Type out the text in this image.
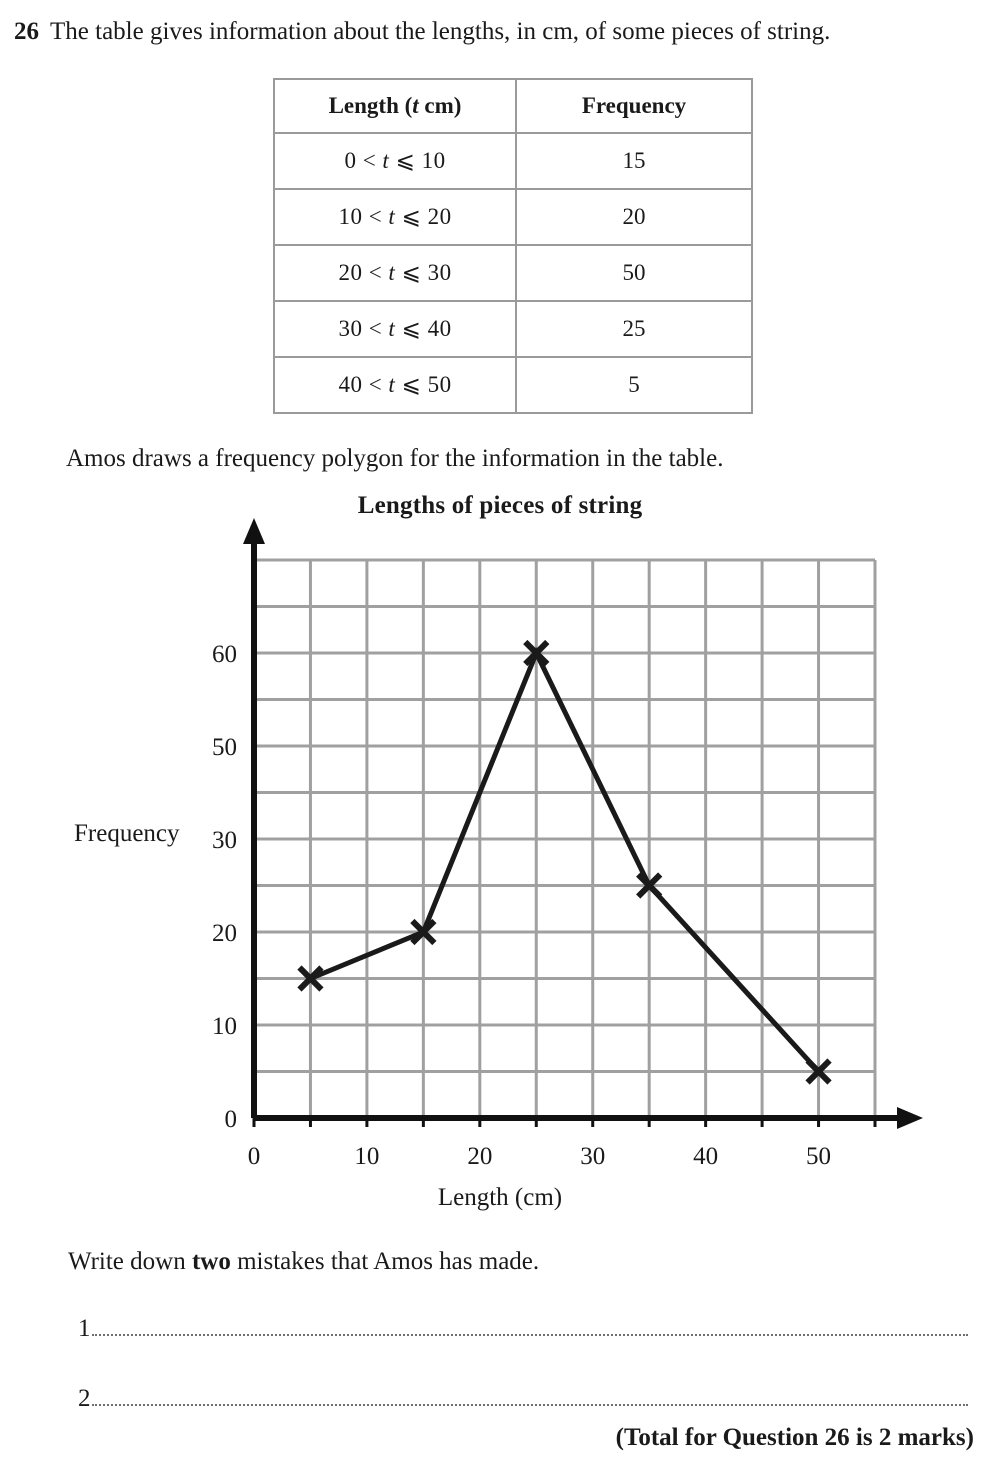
26 The table gives information about the lengths, in cm, of some pieces of string.
Length (t cm)	Frequency
0 < t ⩽ 10	15
10 < t ⩽ 20	20
20 < t ⩽ 30	50
30 < t ⩽ 40	25
40 < t ⩽ 50	5
Amos draws a frequency polygon for the information in the table.
Lengths of pieces of string
0
10
20
30
50
60
0	10	20	30	40	50
Frequency
Length (cm)
Write down two mistakes that Amos has made.
1
2
(Total for Question 26 is 2 marks)
